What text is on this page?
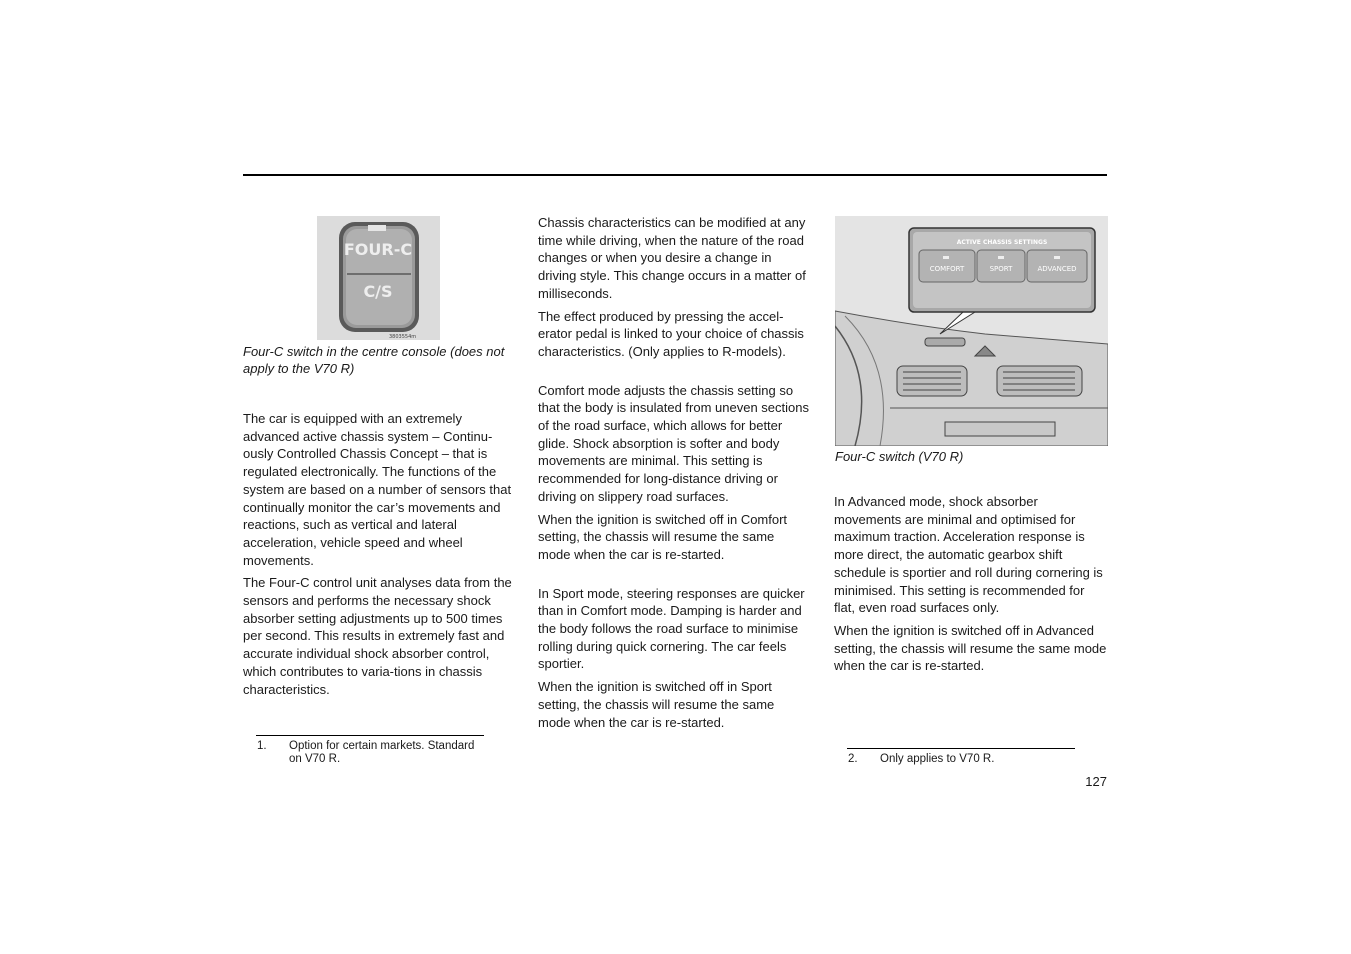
FOUR-C
C/S
3803554m

Four-C switch in the centre console (does not apply to the V70 R)

The car is equipped with an extremely advanced active chassis system – Continu-ously Controlled Chassis Concept – that is regulated electronically. The functions of the system are based on a number of sensors that continually monitor the car’s movements and reactions, such as vertical and lateral acceleration, vehicle speed and wheel movements.

The Four-C control unit analyses data from the sensors and performs the necessary shock absorber setting adjustments up to 500 times per second. This results in extremely fast and accurate individual shock absorber control, which contributes to varia-tions in chassis characteristics.

1. Option for certain markets. Standard
on V70 R.

Chassis characteristics can be modified at any time while driving, when the nature of the road changes or when you desire a change in driving style. This change occurs in a matter of milliseconds.

The effect produced by pressing the accel-erator pedal is linked to your choice of chassis characteristics. (Only applies to R-models).

Comfort mode adjusts the chassis setting so that the body is insulated from uneven sections of the road surface, which allows for better glide. Shock absorption is softer and body movements are minimal. This setting is recommended for long-distance driving or driving on slippery road surfaces.

When the ignition is switched off in Comfort setting, the chassis will resume the same mode when the car is re-started.

In Sport mode, steering responses are quicker than in Comfort mode. Damping is harder and the body follows the road surface to minimise rolling during quick cornering. The car feels sportier.

When the ignition is switched off in Sport setting, the chassis will resume the same mode when the car is re-started.

ACTIVE CHASSIS SETTINGS
COMFORT	SPORT	ADVANCED

Four-C switch (V70 R)

In Advanced mode, shock absorber movements are minimal and optimised for maximum traction. Acceleration response is more direct, the automatic gearbox shift schedule is sportier and roll during cornering is minimised. This setting is recommended for flat, even road surfaces only.

When the ignition is switched off in Advanced setting, the chassis will resume the same mode when the car is re-started.

2. Only applies to V70 R.
127
